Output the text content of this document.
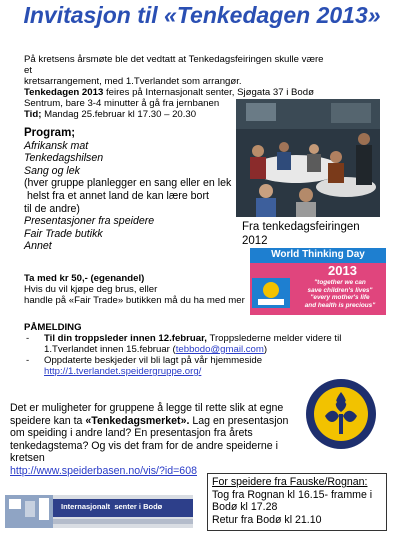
Invitasjon til «Tenkedagen 2013»
På kretsens årsmøte ble det vedtatt at Tenkedagsfeiringen skulle være et
kretsarrangement, med 1.Tverlandet som arrangør.
Tenkedagen 2013 feires på Internasjonalt senter, Sjøgata 37 i Bodø
Sentrum, bare 3-4 minutter å gå fra jernbanen
Tid; Mandag 25.februar kl 17.30 – 20.30
Program;
Afrikansk mat
Tenkedagshilsen
Sang og lek
(hver gruppe planlegger en sang eller en lek
helst fra et annet land de kan lære bort
til de andre)
Presentasjoner fra speidere
Fair Trade butikk
Annet
Fra tenkedagsfeiringen
2012
World Thinking Day
2013
"together we can
save children's lives"
"every mother's life
and health is precious"
Ta med kr 50,- (egenandel)
Hvis du vil kjøpe deg brus, eller
handle på «Fair Trade» butikken må du ha med mer
PÅMELDING
- Til din troppsleder innen 12.februar, Troppslederne melder videre til
1.Tverlandet innen 15.februar (tebbodo@gmail.com)
- Oppdaterte beskjeder vil bli lagt på vår hjemmeside
http://1.tverlandet.speidergruppe.org/
Det er muligheter for gruppene å legge til rette slik at egne
speidere kan ta «Tenkedagsmerket». Lag en presentasjon
om speiding i andre land? En presentasjon fra årets
tenkedagstema? Og vis det fram for de andre speiderne i
kretsen
http://www.speiderbasen.no/vis/?id=608
For speidere fra Fauske/Rognan:
Tog fra Rognan kl 16.15- framme i
Bodø kl 17.28
Retur fra Bodø kl 21.10
Internasjonalt  senter i Bodø
